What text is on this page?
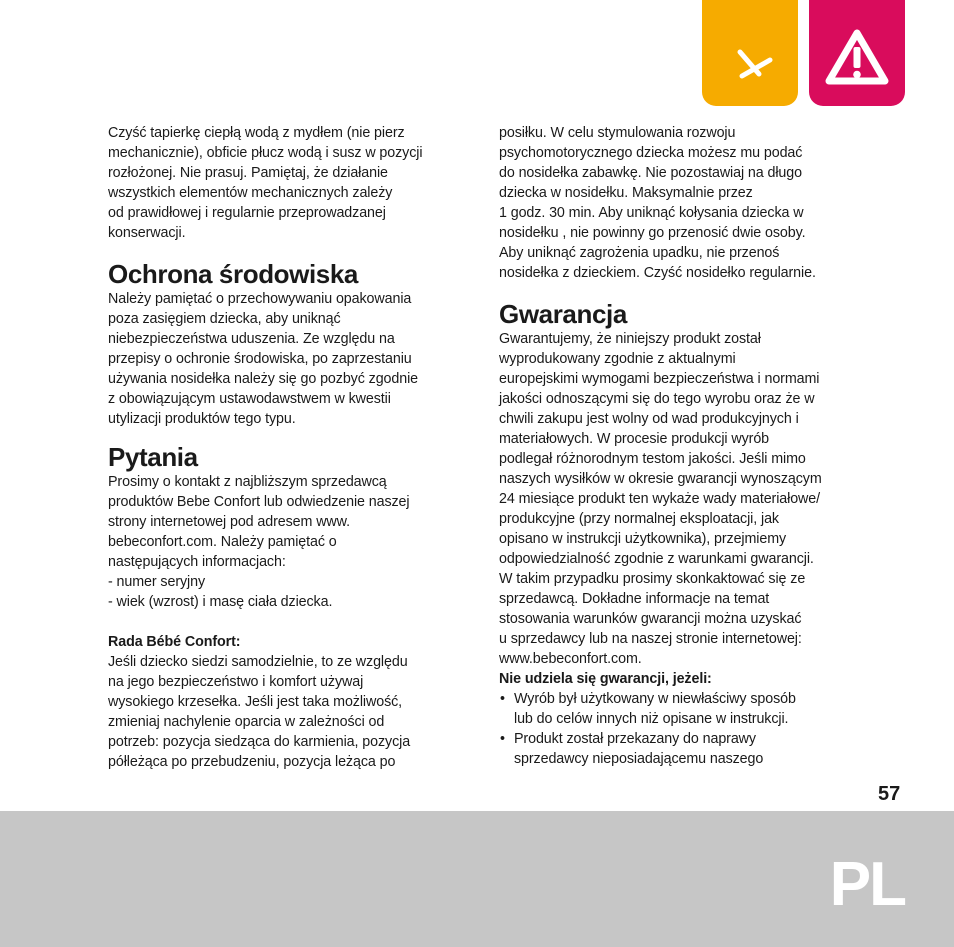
Czyść tapierkę ciepłą wodą z mydłem (nie pierz
mechanicznie), obficie płucz wodą i susz w pozycji
rozłożonej. Nie prasuj. Pamiętaj, że działanie
wszystkich elementów mechanicznych zależy
od prawidłowej i regularnie przeprowadzanej
konserwacji.

Ochrona środowiska

Należy pamiętać o przechowywaniu opakowania
poza zasięgiem dziecka, aby uniknąć
niebezpieczeństwa uduszenia. Ze względu na
przepisy o ochronie środowiska, po zaprzestaniu
używania nosidełka należy się go pozbyć zgodnie
z obowiązującym ustawodawstwem w kwestii
utylizacji produktów tego typu.

Pytania

Prosimy o kontakt z najbliższym sprzedawcą
produktów Bebe Confort lub odwiedzenie naszej
strony internetowej pod adresem www.
bebeconfort.com. Należy pamiętać o
następujących informacjach:
- numer seryjny
- wiek (wzrost) i masę ciała dziecka.

Rada Bébé Confort:

Jeśli dziecko siedzi samodzielnie, to ze względu
na jego bezpieczeństwo i komfort używaj
wysokiego krzesełka. Jeśli jest taka możliwość,
zmieniaj nachylenie oparcia w zależności od
potrzeb: pozycja siedząca do karmienia, pozycja
półleżąca po przebudzeniu, pozycja leżąca po

posiłku. W celu stymulowania rozwoju
psychomotorycznego dziecka możesz mu podać
do nosidełka zabawkę. Nie pozostawiaj na długo
dziecka w nosidełku. Maksymalnie przez
1 godz. 30 min. Aby uniknąć kołysania dziecka w
nosidełku , nie powinny go przenosić dwie osoby.
Aby uniknąć zagrożenia upadku, nie przenoś
nosidełka z dzieckiem. Czyść nosidełko regularnie.

Gwarancja

Gwarantujemy, że niniejszy produkt został
wyprodukowany zgodnie z aktualnymi
europejskimi wymogami bezpieczeństwa i normami
jakości odnoszącymi się do tego wyrobu oraz że w
chwili zakupu jest wolny od wad produkcyjnych i
materiałowych. W procesie produkcji wyrób
podlegał różnorodnym testom jakości. Jeśli mimo
naszych wysiłków w okresie gwarancji wynoszącym
24 miesiące produkt ten wykaże wady materiałowe/
produkcyjne (przy normalnej eksploatacji, jak
opisano w instrukcji użytkownika), przejmiemy
odpowiedzialność zgodnie z warunkami gwarancji.
W takim przypadku prosimy skonkaktować się ze
sprzedawcą. Dokładne informacje na temat
stosowania warunków gwarancji można uzyskać
u sprzedawcy lub na naszej stronie internetowej:
www.bebeconfort.com.

Nie udziela się gwarancji, jeżeli:

• Wyrób był użytkowany w niewłaściwy sposób
lub do celów innych niż opisane w instrukcji.
• Produkt został przekazany do naprawy
sprzedawcy nieposiadającemu naszego
57
PL
